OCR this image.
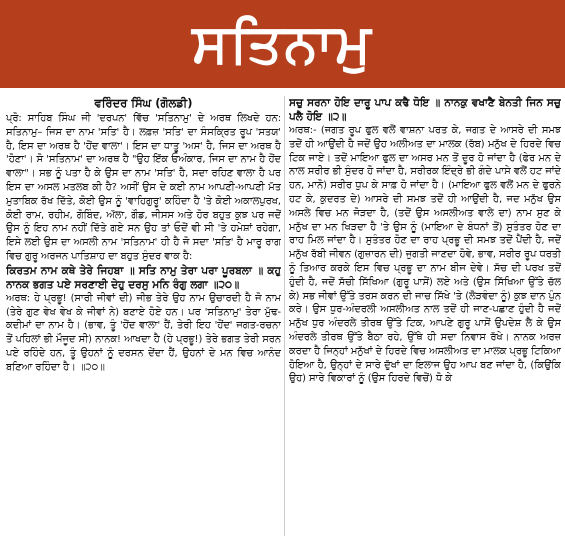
ਸਤਿਨਾਮੁ
ਵਰਿੰਦਰ ਸਿੰਘ (ਗੋਲਡੀ)

ਪ੍ਰੋ: ਸਾਹਿਬ ਸਿੰਘ ਜੀ 'ਦਰਪਨ' ਵਿੱਚ 'ਸਤਿਨਾਮੁ' ਦੇ ਅਰਥ ਲਿਖਦੇ ਹਨ: ਸਤਿਨਾਮੁ– ਜਿਸ ਦਾ ਨਾਮ 'ਸਤਿ' ਹੈ। ਲਫ਼ਜ਼ 'ਸਤਿ' ਦਾ ਸੰਸਕ੍ਰਿਤ ਰੂਪ 'ਸਤਯ' ਹੈ, ਇਸ ਦਾ ਅਰਥ ਹੈ 'ਹੋਂਦ ਵਾਲਾ'। ਇਸ ਦਾ ਧਾਤੂ 'ਅਸ' ਹੈ, ਜਿਸ ਦਾ ਅਰਥ ਹੈ 'ਹੋਣਾ'। ਸੋ 'ਸਤਿਨਾਮ' ਦਾ ਅਰਥ ਹੈ "ਉਹ ਇੱਕ ਓਅੰਕਾਰ, ਜਿਸ ਦਾ ਨਾਮ ਹੈ ਹੋਂਦ ਵਾਲਾ"। ਸਭ ਨੂੰ ਪਤਾ ਹੈ ਕੇ ਉਸ ਦਾ ਨਾਮ 'ਸਤਿ' ਹੈ, ਸਦਾ ਰਹਿਣ ਵਾਲਾ ਹੈ ਪਰ ਇਸ ਦਾ ਅਸਲ ਮਤਲਬ ਕੀ ਹੈ? ਅਸੀਂ ਉਸ ਦੇ ਕਈ ਨਾਮ ਆਪਣੀ-ਆਪਣੀ ਮੱਤ ਮੁਤਾਬਿਕ ਰੱਖ ਦਿੱਤੇ, ਕੋਈ ਉਸ ਨੂੰ 'ਵਾਹਿਗੁਰੂ' ਕਹਿੰਦਾ ਹੈ 'ਤੇ ਕੋਈ ਅਕਾਲਪੁਰਖ, ਕੋਈ ਰਾਮ, ਰਹੀਮ, ਗੋਬਿੰਦ, ਅੱਲਾ, ਗੌਡ, ਜੀਸਸ ਅਤੇ ਹੋਰ ਬਹੁਤ ਕੁਝ ਪਰ ਜਦੋਂ ਉਸ ਨੂੰ ਇਹ ਨਾਮ ਨਹੀਂ ਦਿੱਤੇ ਗਏ ਸਨ ਉਹ ਤਾਂ ਓਦੋਂ ਵੀ ਸੀ 'ਤੇ ਹਮੇਸ਼ਾਂ ਰਹੇਗਾ, ਇਸੇ ਲਈ ਉਸ ਦਾ ਅਸਲੀ ਨਾਮ 'ਸਤਿਨਾਮ' ਹੀ ਹੈ ਜੋ ਸਦਾ 'ਸਤਿ' ਹੈ ਮਾਰੂ ਰਾਗ ਵਿਚ ਗੁਰੂ ਅਰਜਨ ਪਾਤਿਸ਼ਾਹ ਦਾ ਬਹੁਤ ਸੁੰਦਰ ਵਾਕ ਹੈ:

ਕਿਰਤਮ ਨਾਮ ਕਥੇ ਤੇਰੇ ਜਿਹਬਾ ॥ ਸਤਿ ਨਾਮੁ ਤੇਰਾ ਪਰਾ ਪੂਰਬਲਾ ॥ ਕਹੁ ਨਾਨਕ ਭਗਤ ਪਏ ਸਰਣਾਈ ਦੇਹੁ ਦਰਸੁ ਮਨਿ ਰੰਗੁ ਲਗਾ ॥੨੦॥

ਅਰਥ: ਹੇ ਪ੍ਰਭੂ! (ਸਾਰੀ ਜੀਵਾਂ ਦੀ) ਜੀਭ ਤੇਰੇ ਉਹ ਨਾਮ ਉਚਾਰਦੀ ਹੈ ਜੋ ਨਾਮ (ਤੇਰੇ ਗੁਣ ਵੇਖ ਵੇਖ ਕੇ ਜੀਵਾਂ ਨੇ) ਬਣਾਏ ਹੋਏ ਹਨ। ਪਰ 'ਸਤਿਨਾਮੁ' ਤੇਰਾ ਮੁੱਢ-ਕਦੀਮਾਂ ਦਾ ਨਾਮ ਹੈ। (ਭਾਵ, ਤੂੰ 'ਹੋਂਦ ਵਾਲਾ' ਹੈਂ, ਤੇਰੀ ਇਹ 'ਹੋਂਦ' ਜਗਤ-ਰਚਨਾ ਤੋਂ ਪਹਿਲਾਂ ਭੀ ਮੌਜੂਦ ਸੀ) ਨਾਨਕ! ਆਖਦਾ ਹੈ (ਹੇ ਪ੍ਰਭੂ!) ਤੇਰੇ ਭਗਤ ਤੇਰੀ ਸਰਨ ਪਏ ਰਹਿੰਦੇ ਹਨ, ਤੂੰ ਉਹਨਾਂ ਨੂੰ ਦਰਸਨ ਦੇਂਦਾ ਹੈਂ, ਉਹਨਾਂ ਦੇ ਮਨ ਵਿਚ ਆਨੰਦ ਬਣਿਆ ਰਹਿੰਦਾ ਹੈ। ॥੨੦॥

ਸਚੁ ਸਰਨਾ ਹੋਇ ਦਾਰੂ ਪਾਪ ਕਢੈ ਧੋਇ ॥ ਨਾਨਕੁ ਵਖਾਣੈ ਬੇਨਤੀ ਜਿਨ ਸਚੁ ਪਲੈ ਹੋਇ ॥੨॥

ਅਰਥ:- (ਜਗਤ ਰੂਪ ਫੁਲ ਵਲੋਂ ਵਾਸ਼ਨਾ ਪਰਤ ਕੇ, ਜਗਤ ਦੇ ਆਸਰੇ ਦੀ ਸਮਝ ਤਦੋਂ ਹੀ ਆਉਂਦੀ ਹੈ ਜਦੋਂ ਉਹ ਅਲੀਅਤ ਦਾ ਮਾਲਕ (ਰੱਬ) ਮਨੁੱਖ ਦੇ ਹਿਰਦੇ ਵਿਚ ਟਿਕ ਜਾਏ। ਤਦੋਂ ਮਾਇਆ ਫੁਲ ਦਾ ਅਸਰ ਮਨ ਤੋਂ ਦੂਰ ਹੋ ਜਾਂਦਾ ਹੈ (ਫੇਰ ਮਨ ਦੇ ਨਾਲ ਸਰੀਰ ਭੀ ਸੁੰਦਰ ਹੋ ਜਾਂਦਾ ਹੈ, ਸਰੀਰਕ ਇੰਦ੍ਰੇ ਭੀ ਗੰਦੇ ਪਾਸੇ ਵਲੋਂ ਹਟ ਜਾਂਦੇ ਹਨ, ਮਾਨੋ) ਸਰੀਰ ਧੁਪ ਕੇ ਸਾਫ਼ ਹੋ ਜਾਂਦਾ ਹੈ। (ਮਾਇਆ ਫੁਲ ਵਲੋਂ ਮਨ ਦੇ ਫੁਰਨੇ ਹਟ ਕੇ, ਕੁਦਰਤ ਦੇ) ਆਸਰੇ ਦੀ ਸਮਝ ਤਦੋਂ ਹੀ ਆਉਂਦੀ ਹੈ, ਜਦ ਮਨੁੱਖ ਉਸ ਅਸਲੇ ਵਿਚ ਮਨ ਜੋੜਦਾ ਹੈ, (ਤਦੋਂ ਉਸ ਅਸਲੀਅਤ ਵਾਲੇ ਦਾ) ਨਾਮ ਸੁਣ ਕੇ ਮਨੁੱਖ ਦਾ ਮਨ ਖਿੜਦਾ ਹੈ 'ਤੇ ਉਸ ਨੂੰ (ਮਾਇਆ ਦੇ ਬੰਧਨਾਂ ਤੋਂ) ਸੁਤੰਤਰ ਹੋਣ ਦਾ ਰਾਹ ਮਿਲ ਜਾਂਦਾ ਹੈ। ਸੁਤੰਤਰ ਹੋਣ ਦਾ ਰਾਹ ਪ੍ਰਭੂ ਦੀ ਸਮਝ ਤਦੋਂ ਪੈਂਦੀ ਹੈ, ਜਦੋਂ ਮਨੁੱਖ ਰੱਬੀ ਜੀਵਨ (ਗੁਜ਼ਾਰਨ ਦੀ) ਜੁਗਤੀ ਜਾਣਦਾ ਹੋਵੇ, ਭਾਵ, ਸਰੀਰ ਰੂਪ ਧਰਤੀ ਨੂੰ ਤਿਆਰ ਕਰਕੇ ਇਸ ਵਿਚ ਪ੍ਰਭੂ ਦਾ ਨਾਮ ਬੀਜ ਦੇਵੇ। ਸੱਚ ਦੀ ਪਰਖ ਤਦੋਂ ਹੁੰਦੀ ਹੈ, ਜਦੋਂ ਸੱਚੀ ਸਿੱਖਿਆ (ਗੁਰੂ ਪਾਸੋਂ) ਲਏ ਅਤੇ (ਉਸ ਸਿੱਖਿਆ ਉੱਤੇ ਚੱਲ ਕੇ) ਸਭ ਜੀਵਾਂ ਉੱਤੇ ਤਰਸ ਕਰਨ ਦੀ ਜਾਚ ਸਿੱਖੇ 'ਤੇ (ਲੋੜਵੰਦਾ ਨੂੰ) ਕੁਝ ਦਾਨ ਪੁੰਨ ਕਰੇ। ਉਸ ਧੁਰ-ਅੰਦਰਲੀ ਅਸਲੀਅਤ ਨਾਲ ਤਦੋਂ ਹੀ ਜਾਣ-ਪਛਾਣ ਹੁੰਦੀ ਹੈ ਜਦੋਂ ਮਨੁੱਖ ਧੁਰ ਅੰਦਰਲੇ ਤੀਰਥ ਉੱਤੇ ਟਿਕ, ਆਪਣੇ ਗੁਰੂ ਪਾਸੋਂ ਉਪਦੇਸ਼ ਲੈ ਕੇ ਉਸ ਅੰਦਰਲੇ ਤੀਰਥ ਉੱਤੇ ਬੈਠਾ ਰਹੇ, ਉੱਥੇ ਹੀ ਸਦਾ ਨਿਵਾਸ ਰੱਖੇ। ਨਾਨਕ ਅਰਜ਼ ਕਰਦਾ ਹੈ ਜਿਨ੍ਹਾਂ ਮਨੁੱਖਾਂ ਦੇ ਹਿਰਦੇ ਵਿਚ ਅਸਲੀਅਤ ਦਾ ਮਾਲਕ ਪ੍ਰਭੂ ਟਿਕਿਆ ਹੋਇਆ ਹੈ, ਉਨ੍ਹਾਂ ਦੇ ਸਾਰੇ ਦੁੱਖਾਂ ਦਾ ਇਲਾਜ ਉਹ ਆਪ ਬਣ ਜਾਂਦਾ ਹੈ, (ਕਿਉਂਕਿ ਉਹ) ਸਾਰੇ ਵਿਕਾਰਾਂ ਨੂੰ (ਉਸ ਹਿਰਦੇ ਵਿਚੋਂ) ਧੋ ਕੇ
